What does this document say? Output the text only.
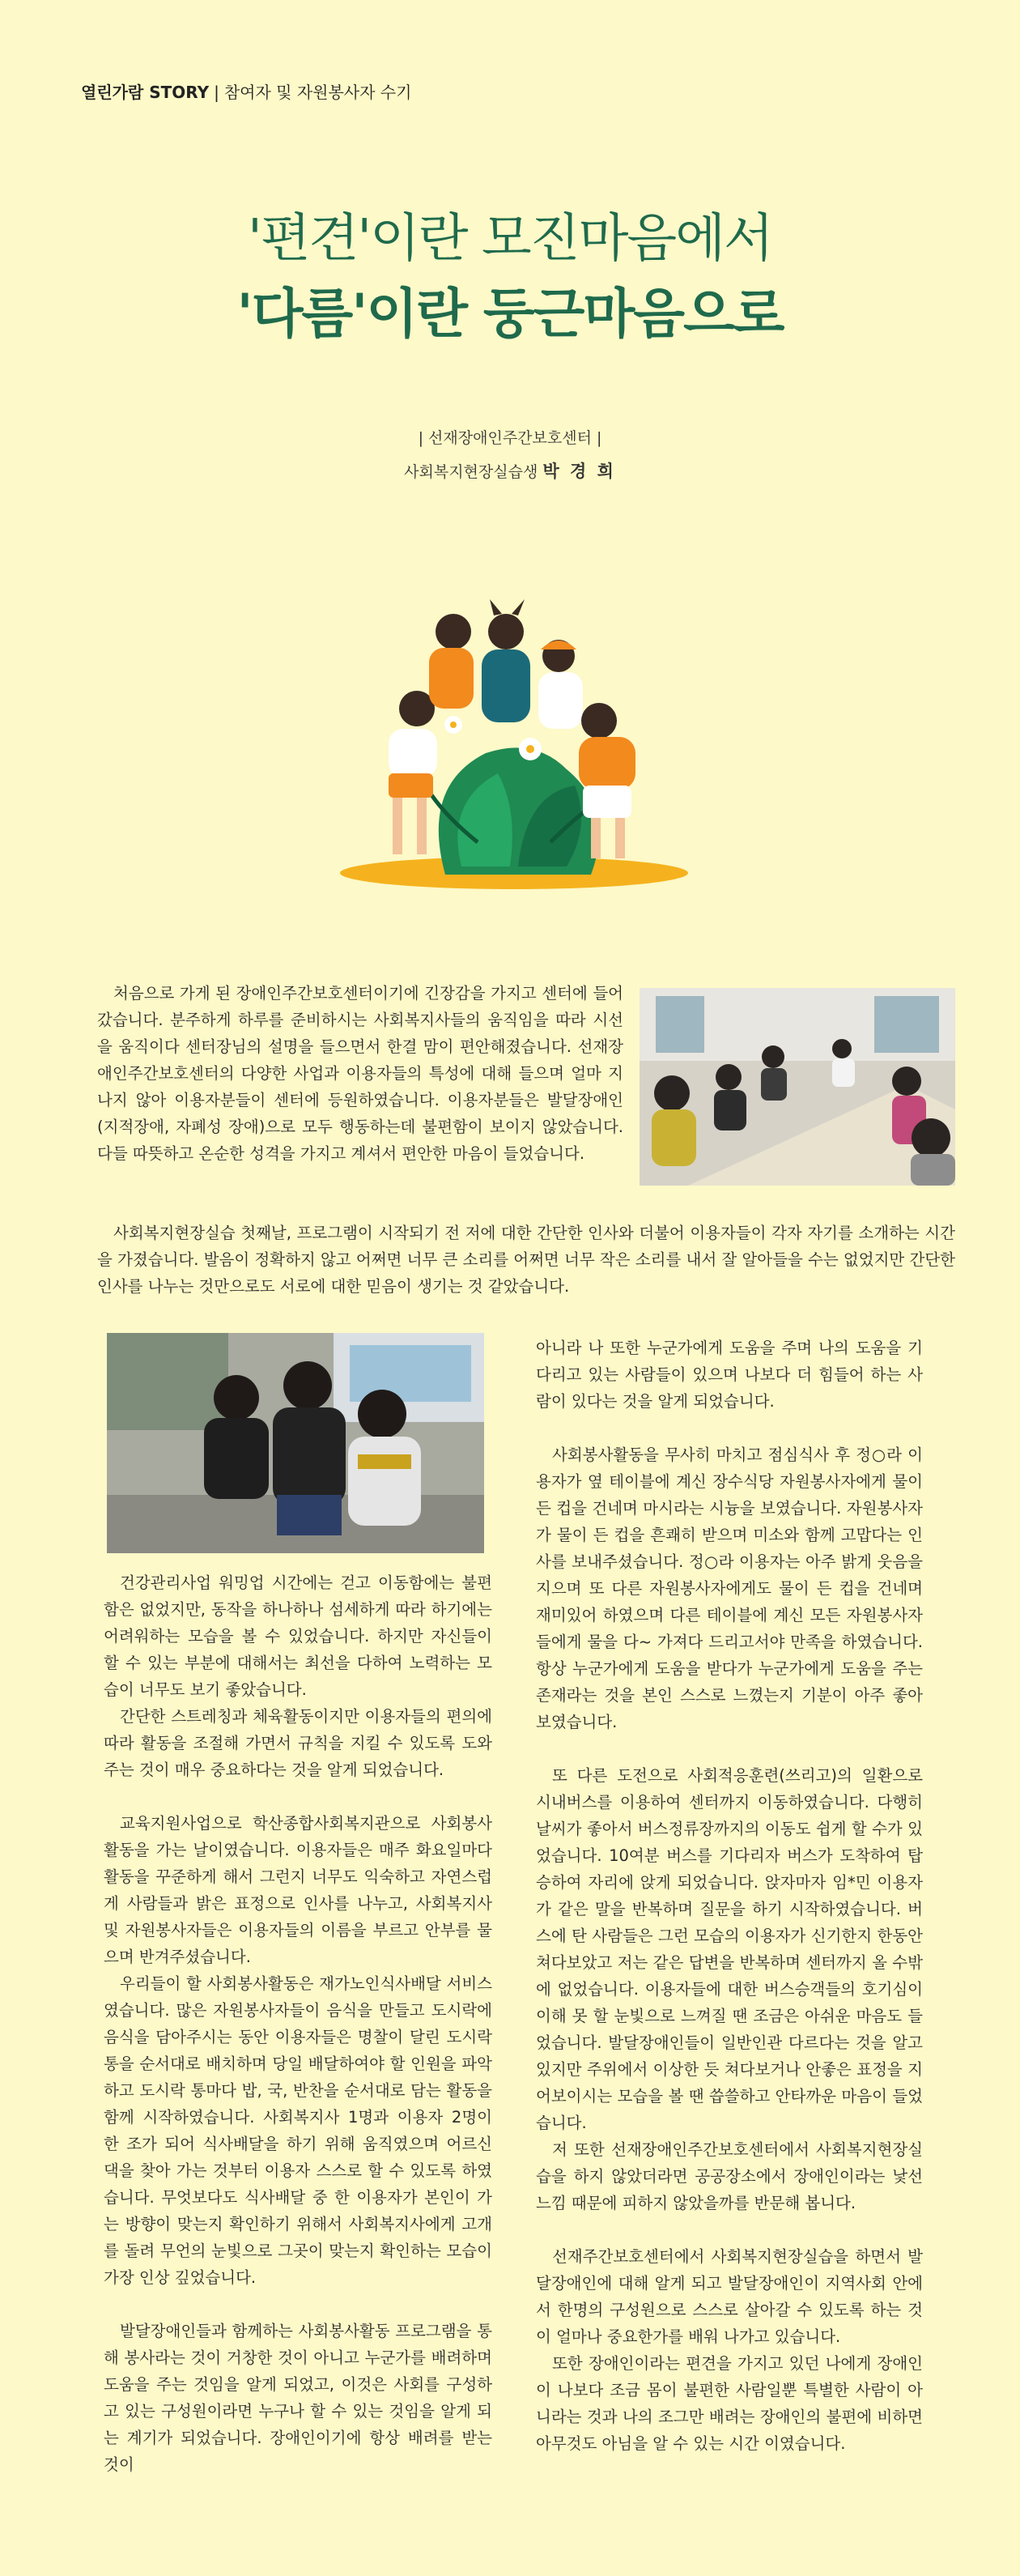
열린가람 STORY | 참여자 및 자원봉사자 수기
'편견'이란 모진마음에서
'다름'이란 둥근마음으로
| 선재장애인주간보호센터 |
사회복지현장실습생 박 경 희

처음으로 가게 된 장애인주간보호센터이기에 긴장감을 가지고 센터에 들어갔습니다. 분주하게 하루를 준비하시는 사회복지사들의 움직임을 따라 시선을 움직이다 센터장님의 설명을 들으면서 한결 맘이 편안해졌습니다. 선재장애인주간보호센터의 다양한 사업과 이용자들의 특성에 대해 들으며 얼마 지나지 않아 이용자분들이 센터에 등원하였습니다. 이용자분들은 발달장애인(지적장애, 자폐성 장애)으로 모두 행동하는데 불편함이 보이지 않았습니다. 다들 따뜻하고 온순한 성격을 가지고 계셔서 편안한 마음이 들었습니다.

사회복지현장실습 첫째날, 프로그램이 시작되기 전 저에 대한 간단한 인사와 더불어 이용자들이 각자 자기를 소개하는 시간을 가졌습니다. 발음이 정확하지 않고 어쩌면 너무 큰 소리를 어쩌면 너무 작은 소리를 내서 잘 알아들을 수는 없었지만 간단한 인사를 나누는 것만으로도 서로에 대한 믿음이 생기는 것 같았습니다.

건강관리사업 워밍업 시간에는 걷고 이동함에는 불편함은 없었지만, 동작을 하나하나 섬세하게 따라 하기에는 어려워하는 모습을 볼 수 있었습니다. 하지만 자신들이 할 수 있는 부분에 대해서는 최선을 다하여 노력하는 모습이 너무도 보기 좋았습니다.

간단한 스트레칭과 체육활동이지만 이용자들의 편의에 따라 활동을 조절해 가면서 규칙을 지킬 수 있도록 도와주는 것이 매우 중요하다는 것을 알게 되었습니다.

교육지원사업으로 학산종합사회복지관으로 사회봉사활동을 가는 날이였습니다. 이용자들은 매주 화요일마다 활동을 꾸준하게 해서 그런지 너무도 익숙하고 자연스럽게 사람들과 밝은 표정으로 인사를 나누고, 사회복지사 및 자원봉사자들은 이용자들의 이름을 부르고 안부를 물으며 반겨주셨습니다.

우리들이 할 사회봉사활동은 재가노인식사배달 서비스였습니다. 많은 자원봉사자들이 음식을 만들고 도시락에 음식을 담아주시는 동안 이용자들은 명찰이 달린 도시락통을 순서대로 배치하며 당일 배달하여야 할 인원을 파악하고 도시락 통마다 밥, 국, 반찬을 순서대로 담는 활동을 함께 시작하였습니다. 사회복지사 1명과 이용자 2명이 한 조가 되어 식사배달을 하기 위해 움직였으며 어르신 댁을 찾아 가는 것부터 이용자 스스로 할 수 있도록 하였습니다. 무엇보다도 식사배달 중 한 이용자가 본인이 가는 방향이 맞는지 확인하기 위해서 사회복지사에게 고개를 돌려 무언의 눈빛으로 그곳이 맞는지 확인하는 모습이 가장 인상 깊었습니다.

발달장애인들과 함께하는 사회봉사활동 프로그램을 통해 봉사라는 것이 거창한 것이 아니고 누군가를 배려하며 도움을 주는 것임을 알게 되었고, 이것은 사회를 구성하고 있는 구성원이라면 누구나 할 수 있는 것임을 알게 되는 계기가 되었습니다. 장애인이기에 항상 배려를 받는 것이

아니라 나 또한 누군가에게 도움을 주며 나의 도움을 기다리고 있는 사람들이 있으며 나보다 더 힘들어 하는 사람이 있다는 것을 알게 되었습니다.

사회봉사활동을 무사히 마치고 점심식사 후 정○라 이용자가 옆 테이블에 계신 장수식당 자원봉사자에게 물이 든 컵을 건네며 마시라는 시늉을 보였습니다. 자원봉사자가 물이 든 컵을 흔쾌히 받으며 미소와 함께 고맙다는 인사를 보내주셨습니다. 정○라 이용자는 아주 밝게 웃음을 지으며 또 다른 자원봉사자에게도 물이 든 컵을 건네며 재미있어 하였으며 다른 테이블에 계신 모든 자원봉사자들에게 물을 다~ 가져다 드리고서야 만족을 하였습니다. 항상 누군가에게 도움을 받다가 누군가에게 도움을 주는 존재라는 것을 본인 스스로 느꼈는지 기분이 아주 좋아 보였습니다.

또 다른 도전으로 사회적응훈련(쓰리고)의 일환으로 시내버스를 이용하여 센터까지 이동하였습니다. 다행히 날씨가 좋아서 버스정류장까지의 이동도 쉽게 할 수가 있었습니다. 10여분 버스를 기다리자 버스가 도착하여 탑승하여 자리에 앉게 되었습니다. 앉자마자 임*민 이용자가 같은 말을 반복하며 질문을 하기 시작하였습니다. 버스에 탄 사람들은 그런 모습의 이용자가 신기한지 한동안 쳐다보았고 저는 같은 답변을 반복하며 센터까지 올 수밖에 없었습니다. 이용자들에 대한 버스승객들의 호기심이 이해 못 할 눈빛으로 느껴질 땐 조금은 아쉬운 마음도 들었습니다. 발달장애인들이 일반인관 다르다는 것을 알고 있지만 주위에서 이상한 듯 쳐다보거나 안좋은 표정을 지어보이시는 모습을 볼 땐 씁쓸하고 안타까운 마음이 들었습니다.

저 또한 선재장애인주간보호센터에서 사회복지현장실습을 하지 않았더라면 공공장소에서 장애인이라는 낯선 느낌 때문에 피하지 않았을까를 반문해 봅니다.

선재주간보호센터에서 사회복지현장실습을 하면서 발달장애인에 대해 알게 되고 발달장애인이 지역사회 안에서 한명의 구성원으로 스스로 살아갈 수 있도록 하는 것이 얼마나 중요한가를 배워 나가고 있습니다.

또한 장애인이라는 편견을 가지고 있던 나에게 장애인이 나보다 조금 몸이 불편한 사람일뿐 특별한 사람이 아니라는 것과 나의 조그만 배려는 장애인의 불편에 비하면 아무것도 아님을 알 수 있는 시간 이였습니다.
